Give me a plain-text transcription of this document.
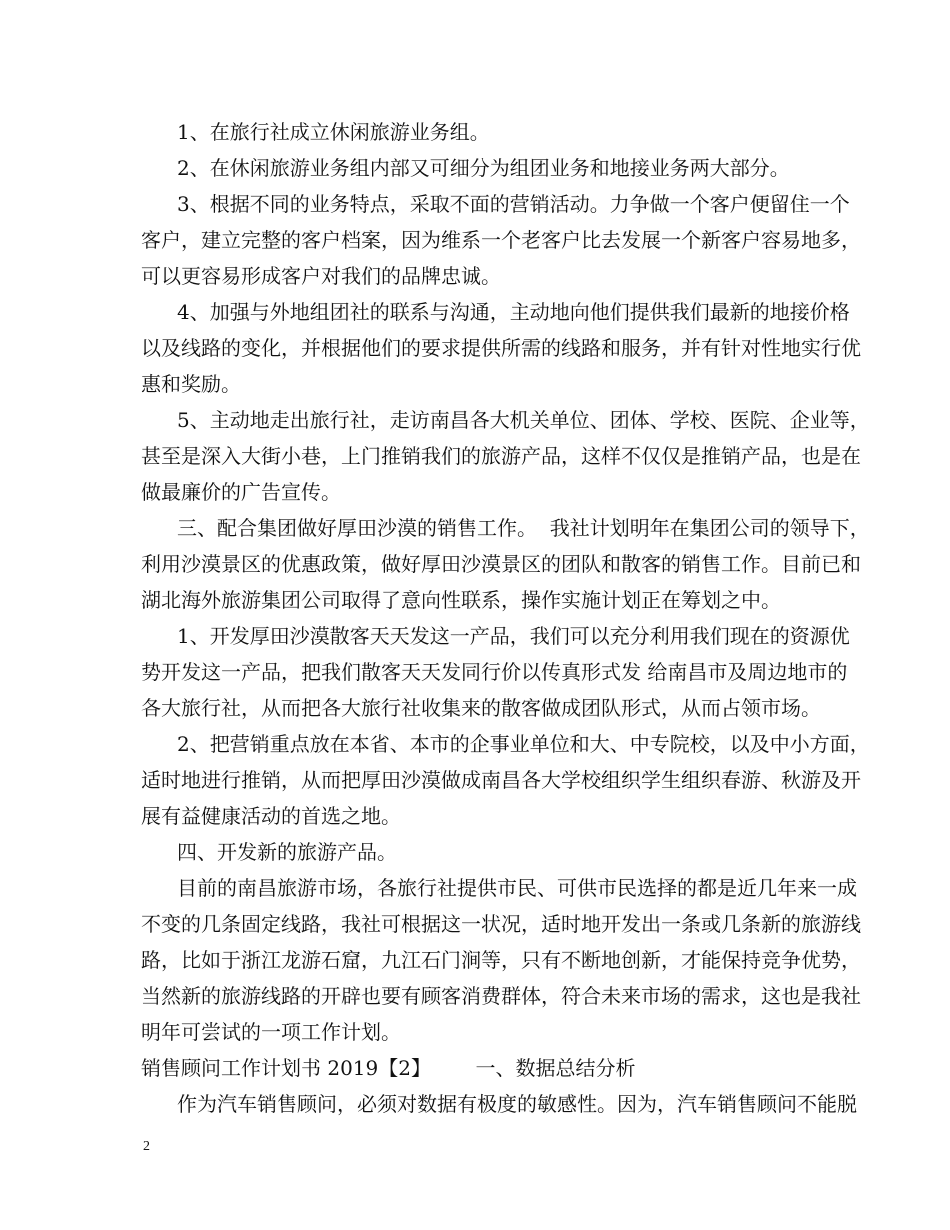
1、在旅行社成立休闲旅游业务组。

2、在休闲旅游业务组内部又可细分为组团业务和地接业务两大部分。

3、根据不同的业务特点，采取不面的营销活动。力争做一个客户便留住一个

客户，建立完整的客户档案，因为维系一个老客户比去发展一个新客户容易地多，

可以更容易形成客户对我们的品牌忠诚。

4、加强与外地组团社的联系与沟通，主动地向他们提供我们最新的地接价格

以及线路的变化，并根据他们的要求提供所需的线路和服务，并有针对性地实行优

惠和奖励。

5、主动地走出旅行社，走访南昌各大机关单位、团体、学校、医院、企业等，

甚至是深入大街小巷，上门推销我们的旅游产品，这样不仅仅是推销产品，也是在

做最廉价的广告宣传。

三、配合集团做好厚田沙漠的销售工作。  我社计划明年在集团公司的领导下，

利用沙漠景区的优惠政策，做好厚田沙漠景区的团队和散客的销售工作。目前已和

湖北海外旅游集团公司取得了意向性联系，操作实施计划正在筹划之中。

1、开发厚田沙漠散客天天发这一产品，我们可以充分利用我们现在的资源优

势开发这一产品，把我们散客天天发同行价以传真形式发 给南昌市及周边地市的

各大旅行社，从而把各大旅行社收集来的散客做成团队形式，从而占领市场。

2、把营销重点放在本省、本市的企事业单位和大、中专院校，以及中小方面，

适时地进行推销，从而把厚田沙漠做成南昌各大学校组织学生组织春游、秋游及开

展有益健康活动的首选之地。

四、开发新的旅游产品。

目前的南昌旅游市场，各旅行社提供市民、可供市民选择的都是近几年来一成

不变的几条固定线路，我社可根据这一状况，适时地开发出一条或几条新的旅游线

路，比如于浙江龙游石窟，九江石门涧等，只有不断地创新，才能保持竞争优势，

当然新的旅游线路的开辟也要有顾客消费群体，符合未来市场的需求，这也是我社

明年可尝试的一项工作计划。

销售顾问工作计划书 2019【2】       一、数据总结分析

作为汽车销售顾问，必须对数据有极度的敏感性。因为，汽车销售顾问不能脱

2
